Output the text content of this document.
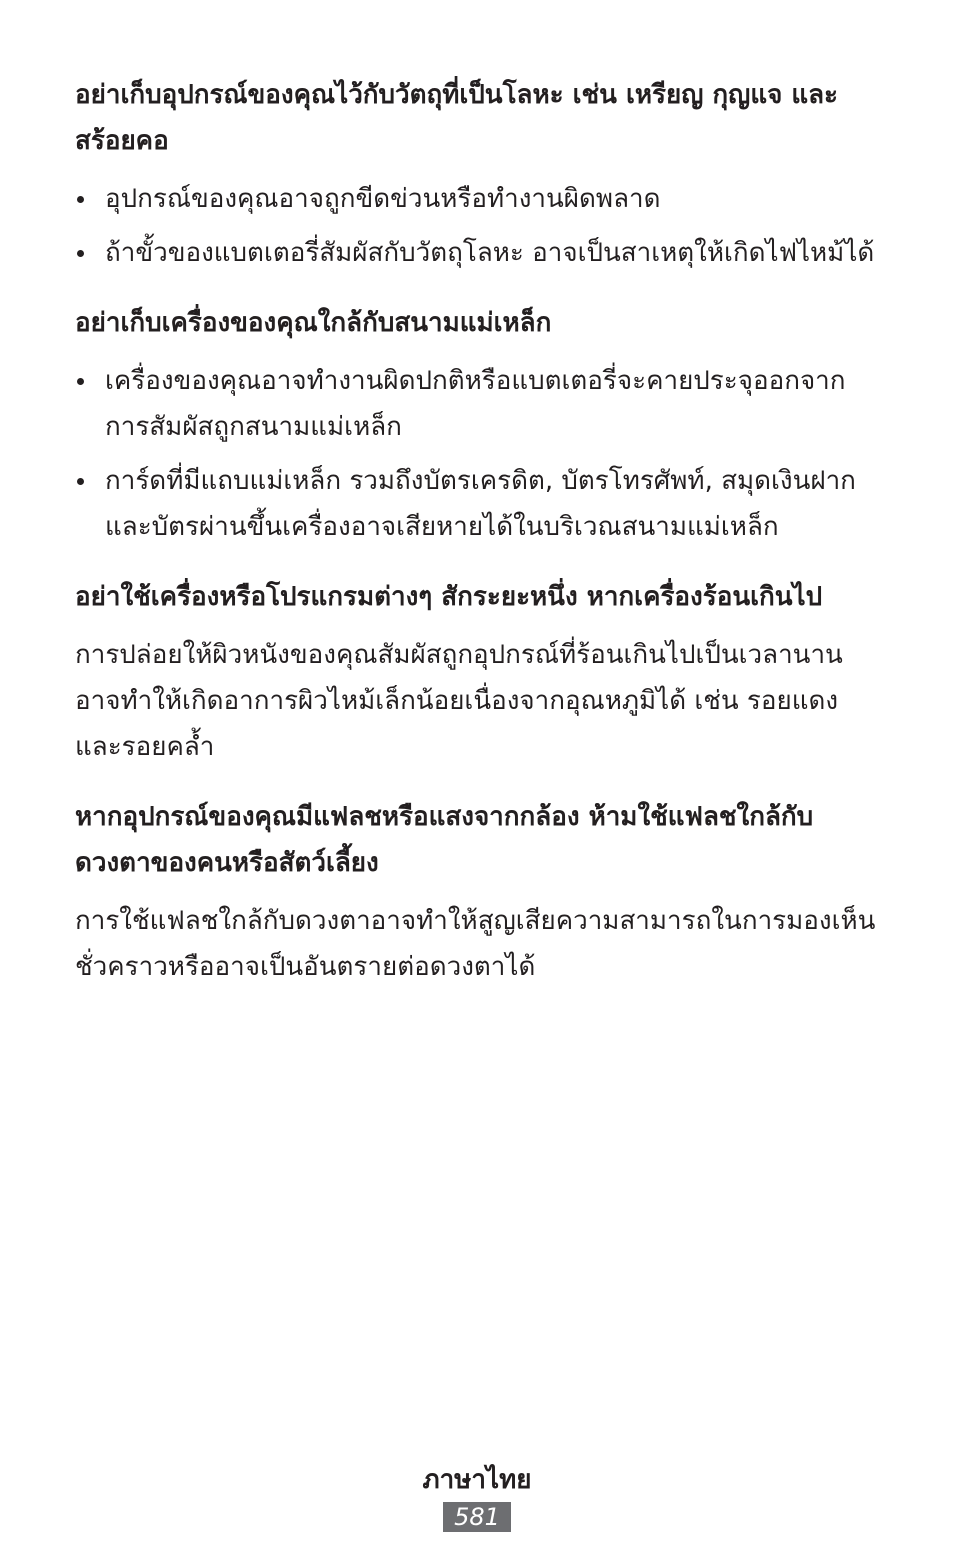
อย่าเก็บอุปกรณ์ของคุณไว้กับวัตถุที่เป็นโลหะ เช่น เหรียญ กุญแจ และสร้อยคอ
อุปกรณ์ของคุณอาจถูกขีดข่วนหรือทำงานผิดพลาด
ถ้าขั้วของแบตเตอรี่สัมผัสกับวัตถุโลหะ อาจเป็นสาเหตุให้เกิดไฟไหม้ได้
อย่าเก็บเครื่องของคุณใกล้กับสนามแม่เหล็ก
เครื่องของคุณอาจทำงานผิดปกติหรือแบตเตอรี่จะคายประจุออกจากการสัมผัสถูกสนามแม่เหล็ก
การ์ดที่มีแถบแม่เหล็ก รวมถึงบัตรเครดิต, บัตรโทรศัพท์, สมุดเงินฝาก และบัตรผ่านขึ้นเครื่องอาจเสียหายได้ในบริเวณสนามแม่เหล็ก
อย่าใช้เครื่องหรือโปรแกรมต่างๆ สักระยะหนึ่ง หากเครื่องร้อนเกินไป

การปล่อยให้ผิวหนังของคุณสัมผัสถูกอุปกรณ์ที่ร้อนเกินไปเป็นเวลานานอาจทำให้เกิดอาการผิวไหม้เล็กน้อยเนื่องจากอุณหภูมิได้ เช่น รอยแดงและรอยคล้ำ

หากอุปกรณ์ของคุณมีแฟลชหรือแสงจากกล้อง ห้ามใช้แฟลชใกล้กับดวงตาของคนหรือสัตว์เลี้ยง

การใช้แฟลชใกล้กับดวงตาอาจทำให้สูญเสียความสามารถในการมองเห็นชั่วคราวหรืออาจเป็นอันตรายต่อดวงตาได้

ภาษาไทย
581
